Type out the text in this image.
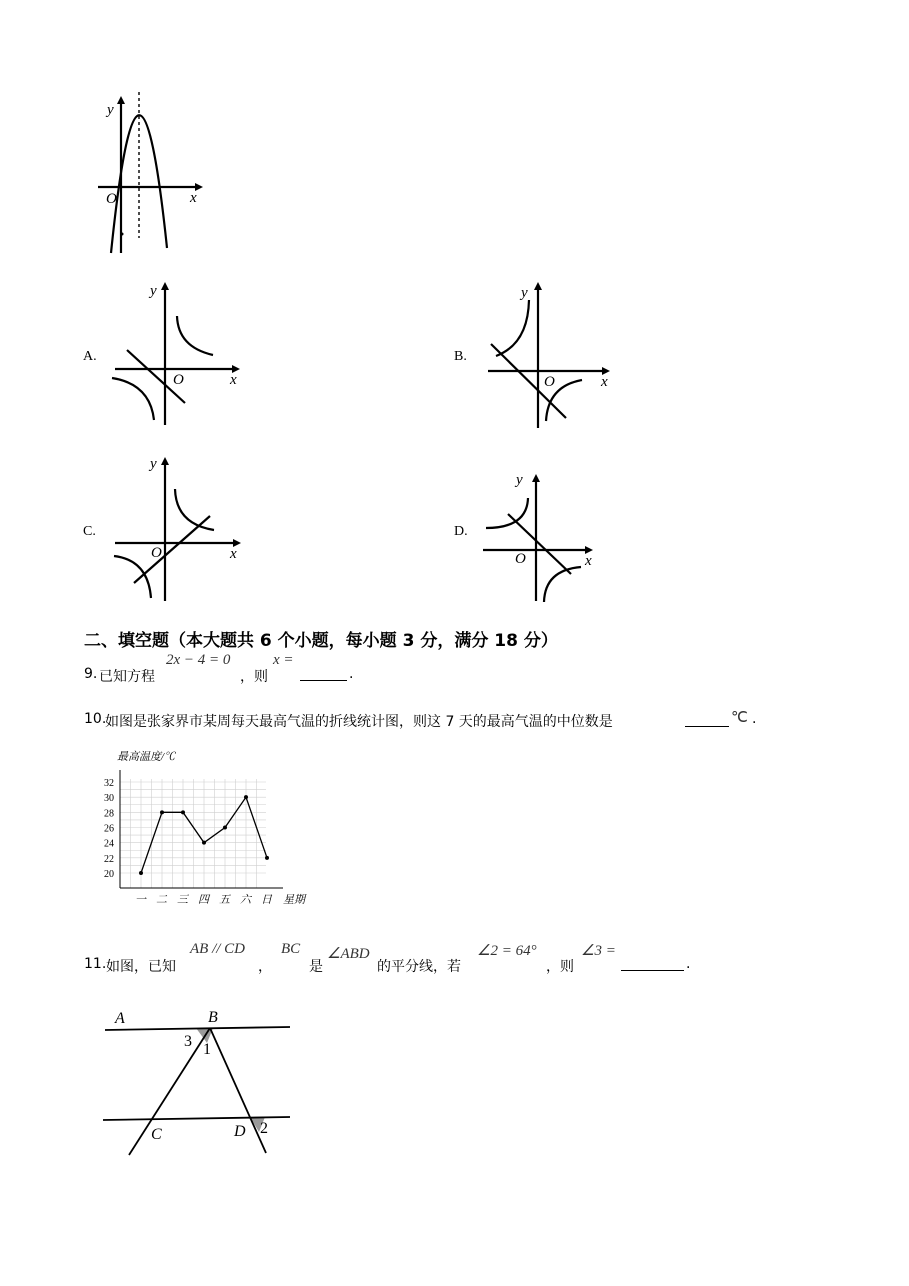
y
x
O
y
x
O
A.
y
x
O
B.
y
x
O
C.
y
x
O
D.
二、填空题（本大题共 6 个小题，每小题 3 分，满分 18 分）
9. 已知方程
2x − 4 = 0
，则
x =
.
10.
如图是张家界市某周每天最高气温的折线统计图，则这 7 天的最高气温的中位数是	℃ .
最高温度/℃
20
22
24
26
28
30
32
一 二 三 四 五 六 日 星期
11. 如图，已知
AB // CD
，
BC
是
∠ABD
的平分线，若
∠2 = 64°
，则
∠3 =
.
A	B
C	D
3 1
2
